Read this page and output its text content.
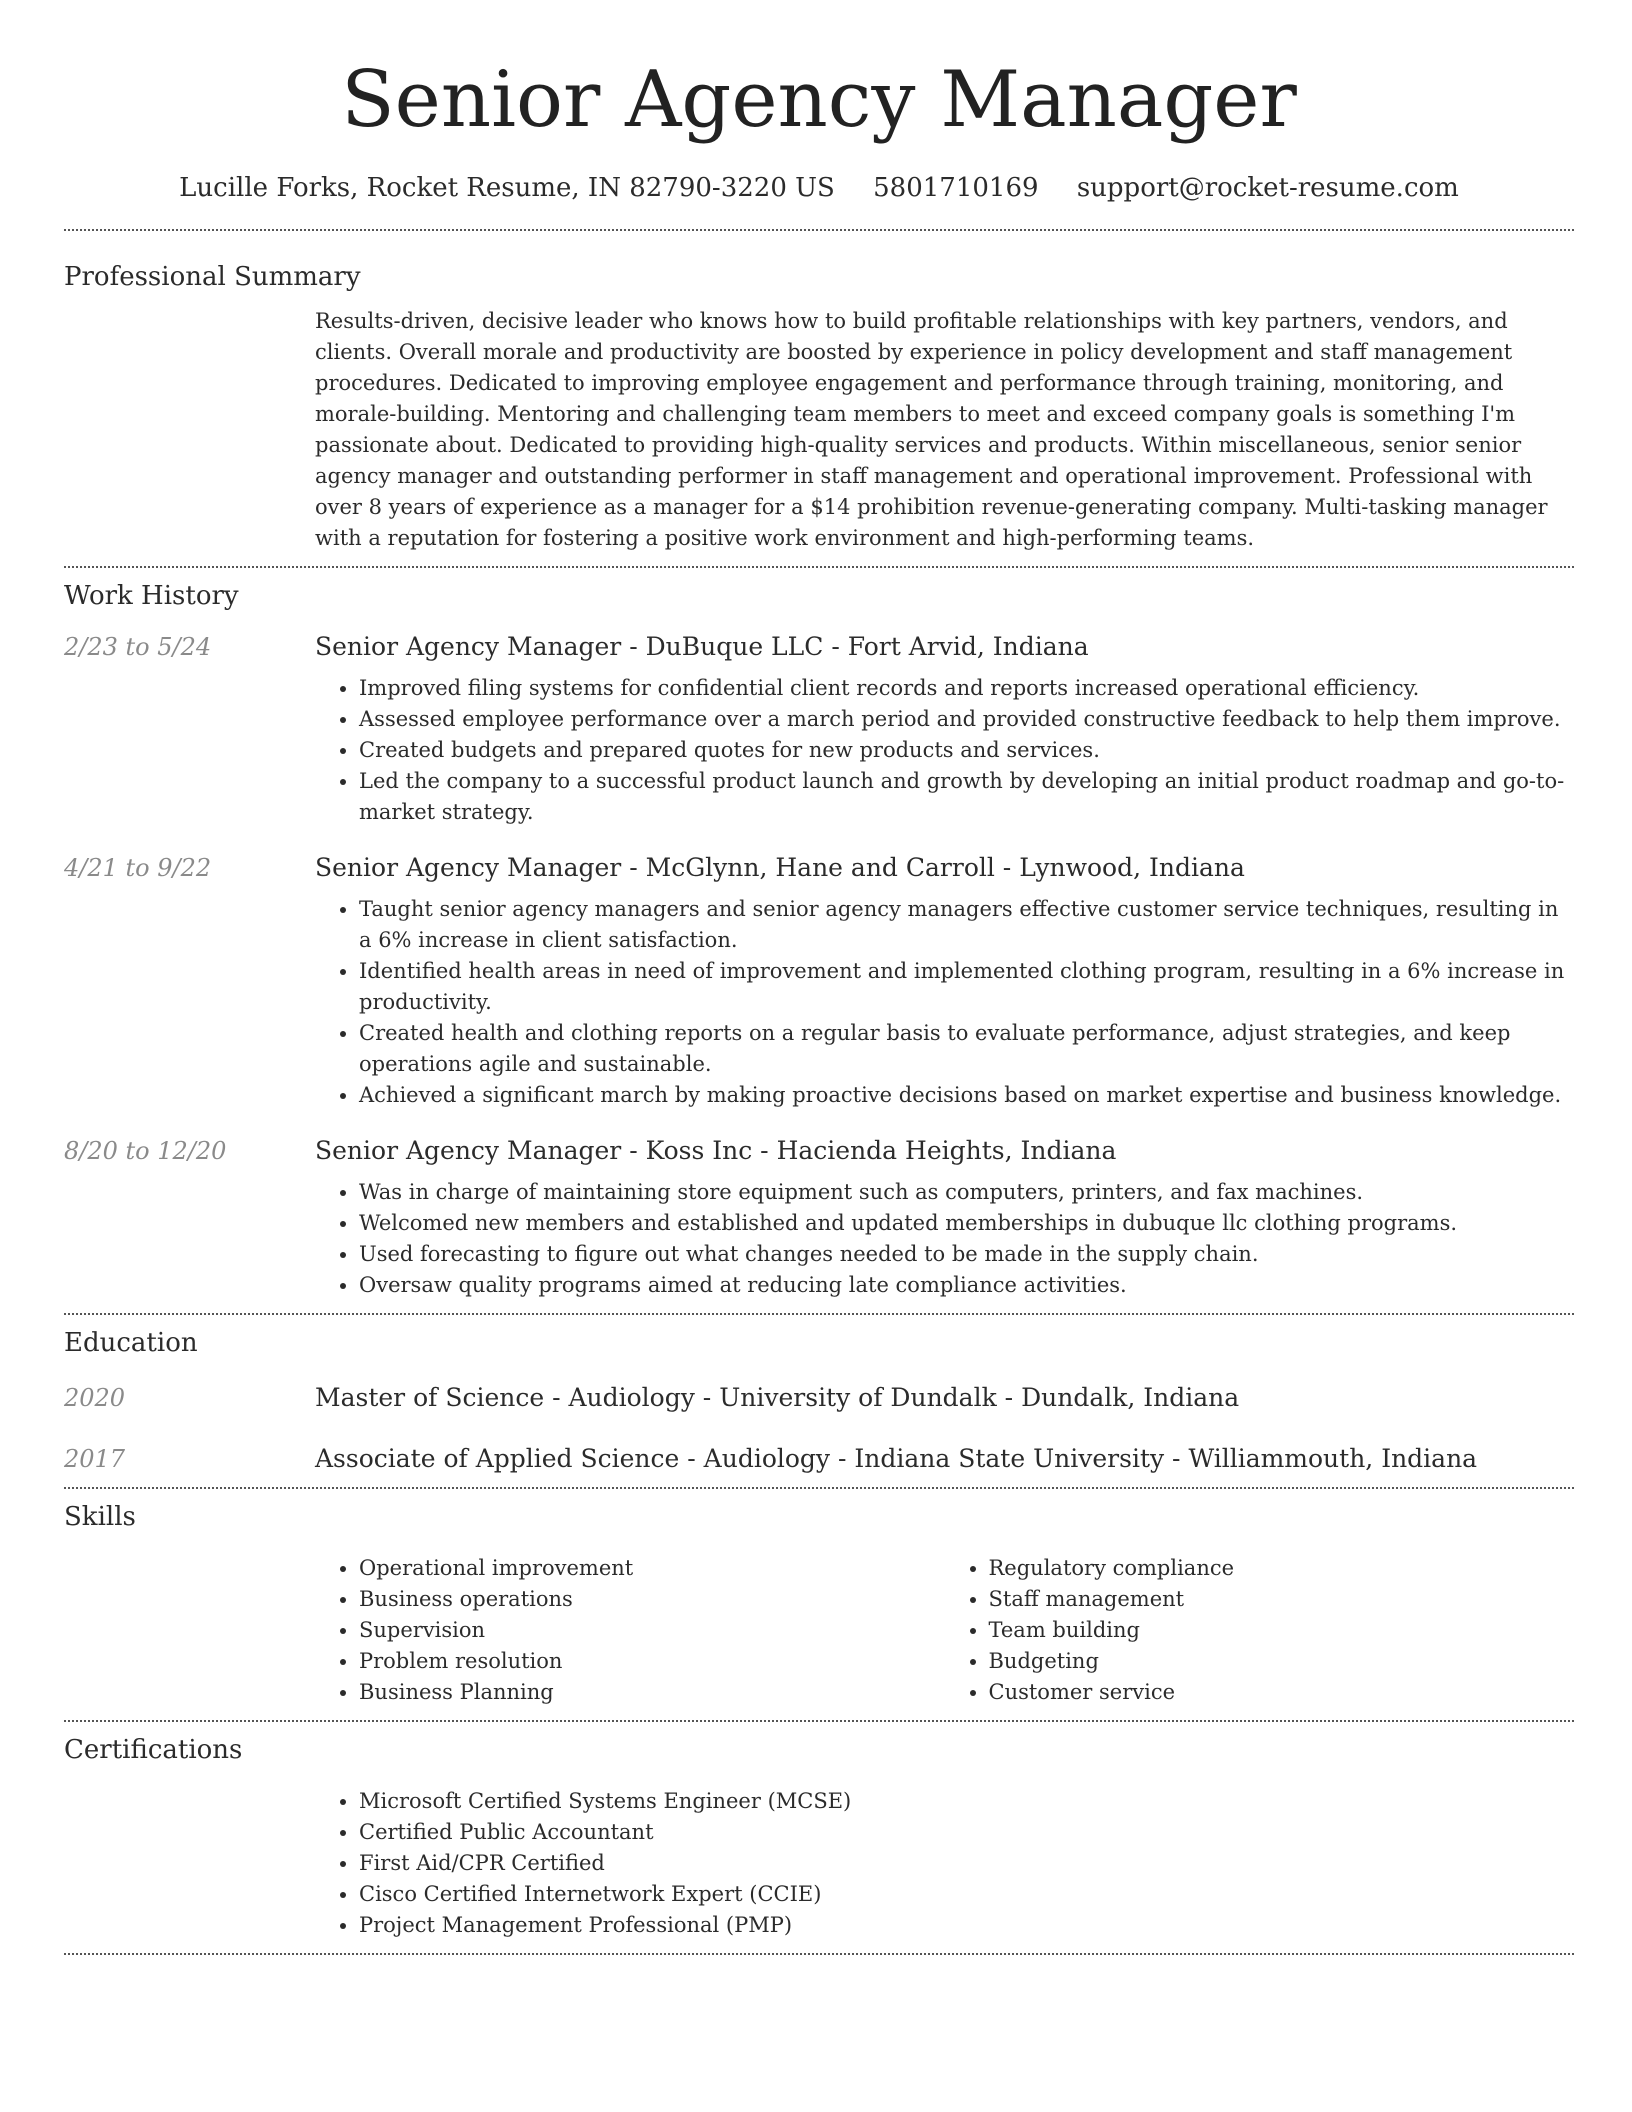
Senior Agency Manager
Lucille Forks, Rocket Resume, IN 82790-3220 US 5801710169 support@rocket-resume.com
Professional Summary
Results-driven, decisive leader who knows how to build profitable relationships with key partners, vendors, and clients. Overall morale and productivity are boosted by experience in policy development and staff management procedures. Dedicated to improving employee engagement and performance through training, monitoring, and morale-building. Mentoring and challenging team members to meet and exceed company goals is something I'm passionate about. Dedicated to providing high-quality services and products. Within miscellaneous, senior senior agency manager and outstanding performer in staff management and operational improvement. Professional with over 8 years of experience as a manager for a $14 prohibition revenue-generating company. Multi-tasking manager with a reputation for fostering a positive work environment and high-performing teams.
Work History
2/23 to 5/24	Senior Agency Manager - DuBuque LLC - Fort Arvid, Indiana
• Improved filing systems for confidential client records and reports increased operational efficiency.
• Assessed employee performance over a march period and provided constructive feedback to help them improve.
• Created budgets and prepared quotes for new products and services.
• Led the company to a successful product launch and growth by developing an initial product roadmap and go-to-market strategy.
4/21 to 9/22	Senior Agency Manager - McGlynn, Hane and Carroll - Lynwood, Indiana
• Taught senior agency managers and senior agency managers effective customer service techniques, resulting in a 6% increase in client satisfaction.
• Identified health areas in need of improvement and implemented clothing program, resulting in a 6% increase in productivity.
• Created health and clothing reports on a regular basis to evaluate performance, adjust strategies, and keep operations agile and sustainable.
• Achieved a significant march by making proactive decisions based on market expertise and business knowledge.
8/20 to 12/20	Senior Agency Manager - Koss Inc - Hacienda Heights, Indiana
• Was in charge of maintaining store equipment such as computers, printers, and fax machines.
• Welcomed new members and established and updated memberships in dubuque llc clothing programs.
• Used forecasting to figure out what changes needed to be made in the supply chain.
• Oversaw quality programs aimed at reducing late compliance activities.
Education
2020	Master of Science - Audiology - University of Dundalk - Dundalk, Indiana
2017	Associate of Applied Science - Audiology - Indiana State University - Williammouth, Indiana
Skills
• Operational improvement
• Business operations
• Supervision
• Problem resolution
• Business Planning
• Regulatory compliance
• Staff management
• Team building
• Budgeting
• Customer service
Certifications
• Microsoft Certified Systems Engineer (MCSE)
• Certified Public Accountant
• First Aid/CPR Certified
• Cisco Certified Internetwork Expert (CCIE)
• Project Management Professional (PMP)
